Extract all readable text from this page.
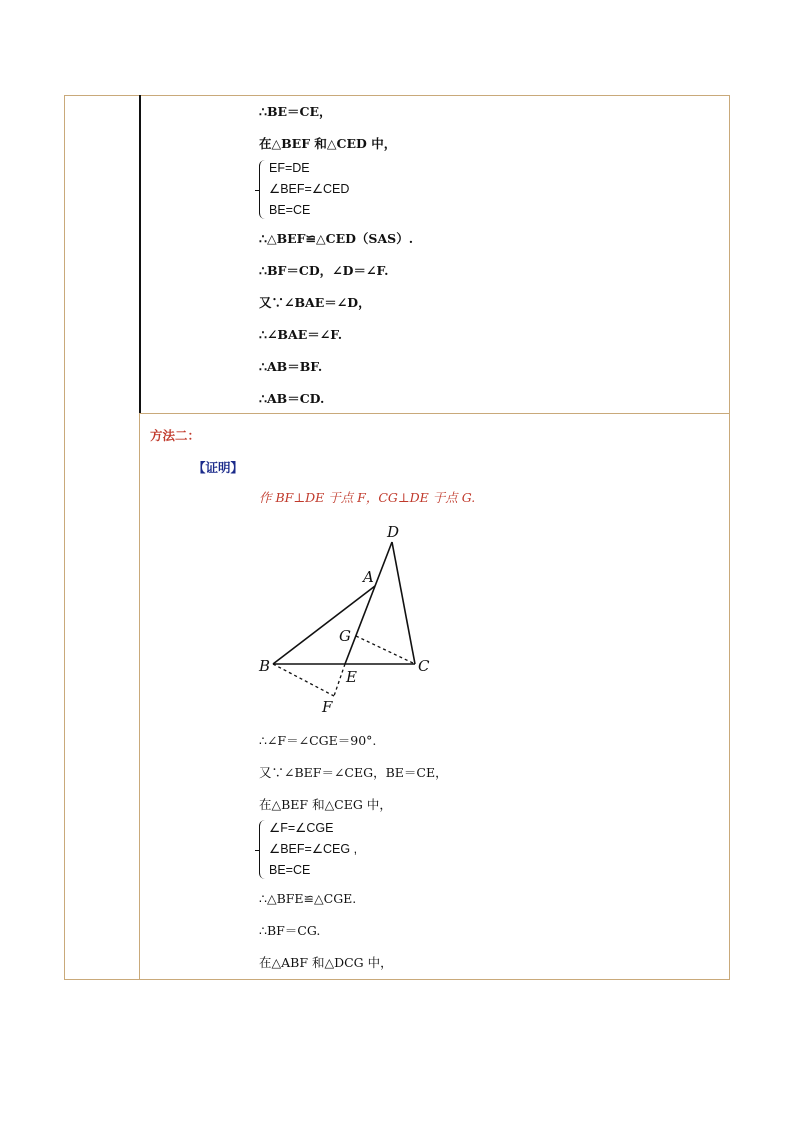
∴BE＝CE，
在△BEF 和△CED 中，
EF=DE
∠BEF=∠CED
BE=CE
∴△BEF≌△CED（SAS）.
∴BF＝CD，∠D＝∠F.
又∵∠BAE＝∠D，
∴∠BAE＝∠F.
∴AB＝BF.
∴AB＝CD.
方法二：
【证明】
作 BF⊥DE 于点 F，CG⊥DE 于点 G.
D
A
G
B
E
C
F
∴∠F＝∠CGE＝90°.
又∵∠BEF＝∠CEG，BE＝CE，
在△BEF 和△CEG 中，
∠F=∠CGE
∠BEF=∠CEG ,
BE=CE
∴△BFE≌△CGE.
∴BF＝CG.
在△ABF 和△DCG 中，
